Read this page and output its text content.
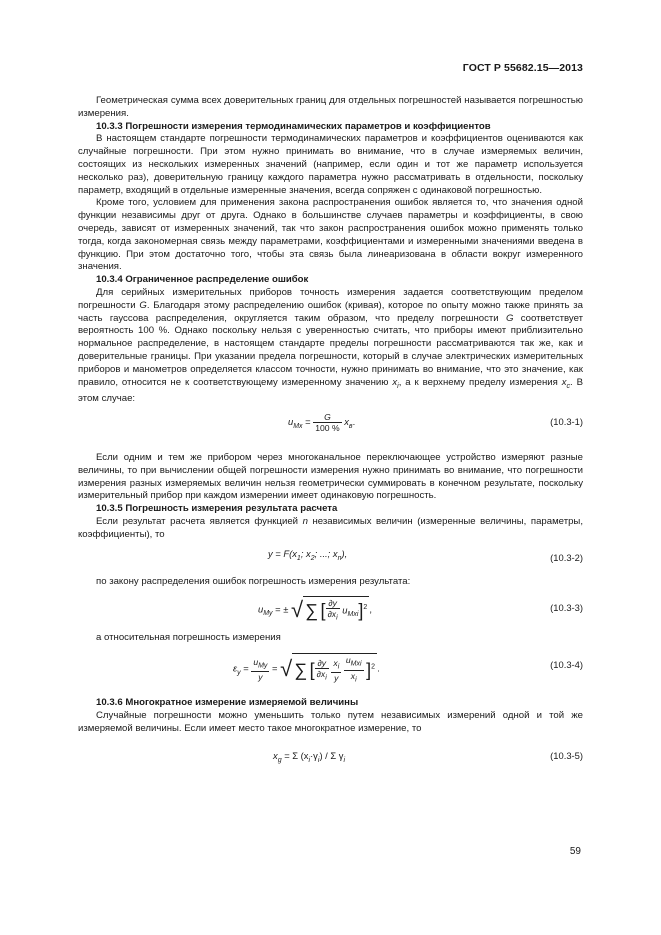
ГОСТ Р 55682.15—2013

Геометрическая сумма всех доверительных границ для отдельных погрешностей называется погрешностью измерения.

10.3.3 Погрешности измерения термодинамических параметров и коэффициентов

В настоящем стандарте погрешности термодинамических параметров и коэффициентов оцениваются как случайные погрешности. При этом нужно принимать во внимание, что в случае измеряемых величин, состоящих из нескольких измеренных значений (например, если один и тот же параметр используется несколько раз), доверительную границу каждого параметра нужно рассматривать в отдельности, поскольку параметр, входящий в отдельные измеренные значения, всегда сопряжен с одинаковой погрешностью.

Кроме того, условием для применения закона распространения ошибок является то, что значения одной функции независимы друг от друга. Однако в большинстве случаев параметры и коэффициенты, в свою очередь, зависят от измеренных значений, так что закон распространения ошибок можно применять только тогда, когда закономерная связь между параметрами, коэффициентами и измеренными значениями введена в функцию. При этом достаточно того, чтобы эта связь была линеаризована в области вокруг измеренного значения.

10.3.4 Ограниченное распределение ошибок

Для серийных измерительных приборов точность измерения задается соответствующим пределом погрешности G. Благодаря этому распределению ошибок (кривая), которое по опыту можно также принять за часть гауссова распределения, округляется таким образом, что пределу погрешности G соответствует вероятность 100 %. Однако поскольку нельзя с уверенностью считать, что приборы имеют приблизительно нормальное распределение, в настоящем стандарте пределы погрешности рассматриваются так же, как и доверительные границы. При указании предела погрешности, который в случае электрических измерительных приборов и манометров определяется классом точности, нужно принимать во внимание, что это значение, как правило, относится не к соответствующему измеренному значению $x_i$, а к верхнему пределу измерения $x_c$. В этом случае:

$u_{Mx} = \frac{G}{100 \%} x_в$.	(10.3-1)

Если одним и тем же прибором через многоканальное переключающее устройство измеряют разные величины, то при вычислении общей погрешности измерения нужно принимать во внимание, что погрешности измерения разных измеряемых величин нельзя геометрически суммировать в конечном результате, поскольку измерительный прибор при каждом измерении имеет одинаковую погрешность.

10.3.5 Погрешность измерения результата расчета

Если результат расчета является функцией n независимых величин (измеренные величины, параметры, коэффициенты), то

$y = F(x_1$; $x_2$; ...; $x_n$),	(10.3-2)

по закону распределения ошибок погрешность измерения результата:

$u_{My}$ = ± √ ∑ [ $\frac{\partial y}{\partial x_i} u_{Mxi}]^2$ ,	(10.3-3)

а относительная погрешность измерения

$\varepsilon_y = \frac{u_{My}}{y}$ = √ ∑ [ $\frac{\partial y}{\partial x_i}$
$\frac{x_i}{y}$
$\frac{u_{Mxi}}{x_i} ]^2$ .	(10.3-4)

10.3.6 Многократное измерение измеряемой величины

Случайные погрешности можно уменьшить только путем независимых измерений одной и той же измеряемой величины. Если имеет место такое многократное измерение, то

$x_g = \Sigma$ $(x_i\cdot\gamma_i) / \Sigma$ $\gamma_i$	(10.3-5)
59
